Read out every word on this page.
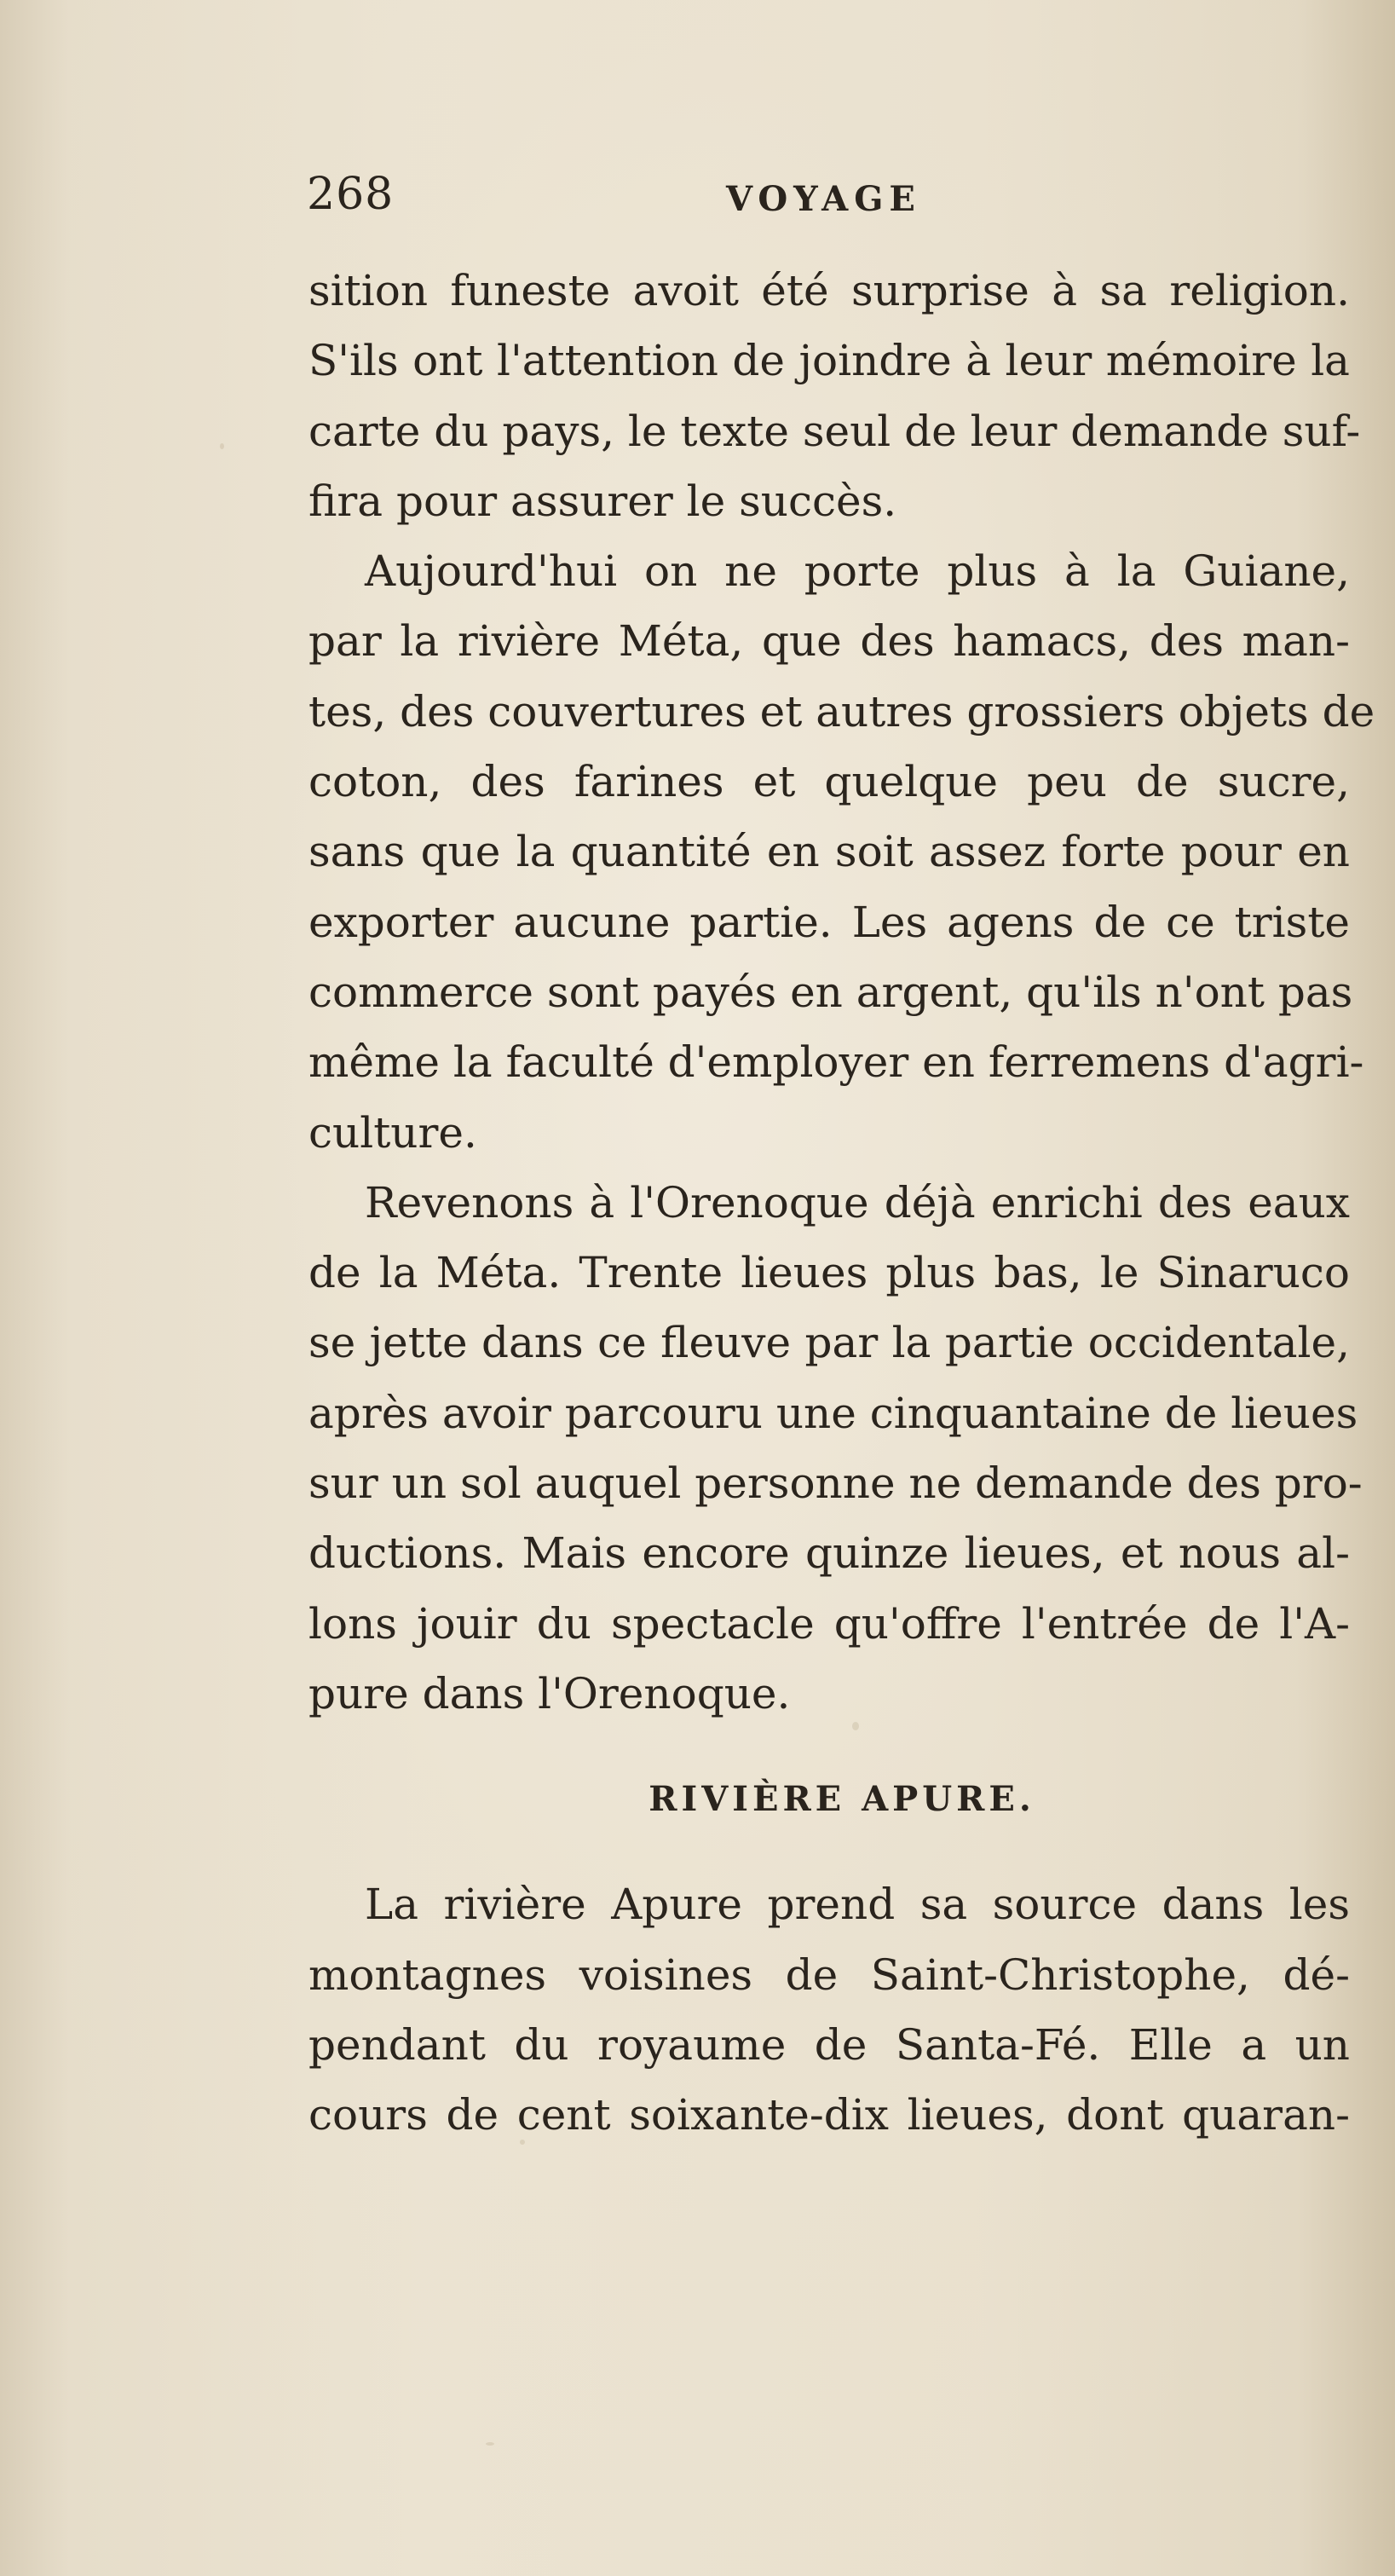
268	VOYAGE
sition funeste avoit été surprise à sa religion.
S'ils ont l'attention de joindre à leur mémoire la
carte du pays, le texte seul de leur demande suf-
fira pour assurer le succès.
Aujourd'hui on ne porte plus à la Guiane,
par la rivière Méta, que des hamacs, des man-
tes, des couvertures et autres grossiers objets de
coton, des farines et quelque peu de sucre,
sans que la quantité en soit assez forte pour en
exporter aucune partie. Les agens de ce triste
commerce sont payés en argent, qu'ils n'ont pas
même la faculté d'employer en ferremens d'agri-
culture.
Revenons à l'Orenoque déjà enrichi des eaux
de la Méta. Trente lieues plus bas, le Sinaruco
se jette dans ce fleuve par la partie occidentale,
après avoir parcouru une cinquantaine de lieues
sur un sol auquel personne ne demande des pro-
ductions. Mais encore quinze lieues, et nous al-
lons jouir du spectacle qu'offre l'entrée de l'A-
pure dans l'Orenoque.
RIVIÈRE APURE.
La rivière Apure prend sa source dans les
montagnes voisines de Saint-Christophe, dé-
pendant du royaume de Santa-Fé. Elle a un
cours de cent soixante-dix lieues, dont quaran-
